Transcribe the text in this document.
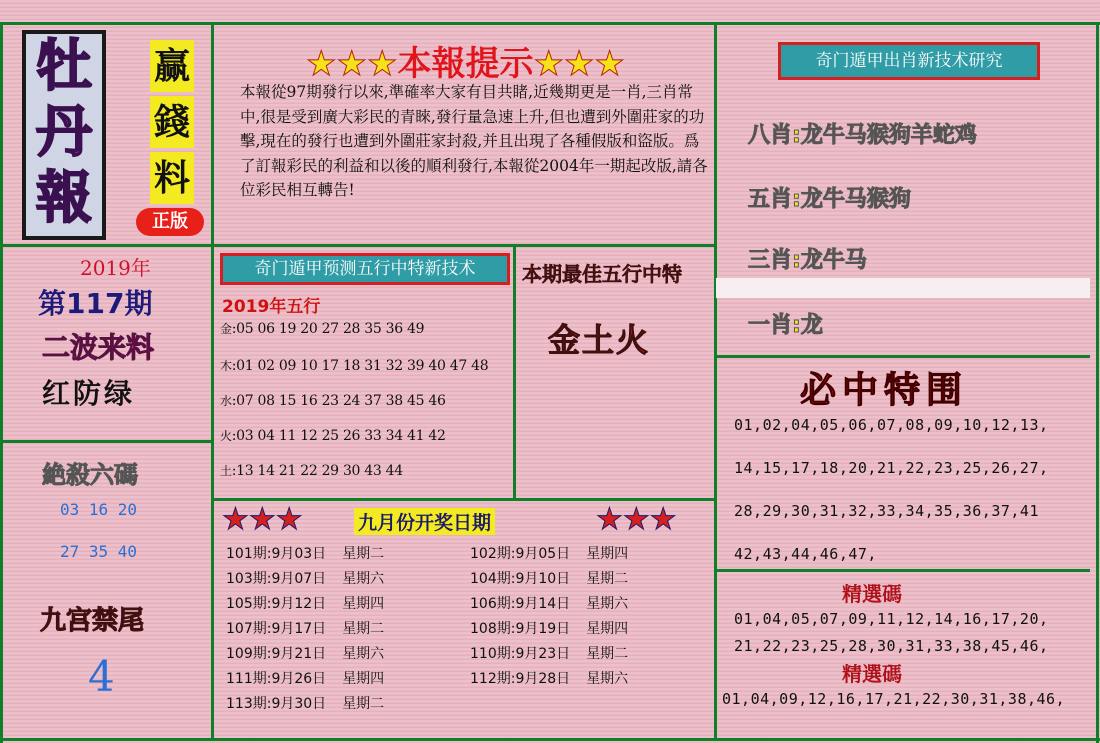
牡
丹
報
赢
錢
料
正版
★★★本報提示★★★
本報從97期發行以來,準確率大家有目共睹,近幾期更是一肖,三肖常中,很是受到廣大彩民的青睞,發行量急速上升,但也遭到外圍莊家的功擊,現在的發行也遭到外圍莊家封殺,并且出現了各種假版和盜版。爲了訂報彩民的利益和以後的順利發行,本報從2004年一期起改版,請各位彩民相互轉告!
2019年
第117期
二波来料
红防绿
絶殺六碼
03 16 20
27 35 40
九宫禁尾
4
奇门遁甲预测五行中特新技术
2019年五行
金:05 06 19 20 27 28 35 36 49
木:01 02 09 10 17 18 31 32 39 40 47 48
水:07 08 15 16 23 24 37 38 45 46
火:03 04 11 12 25 26 33 34 41 42
土:13 14 21 22 29 30 43 44
本期最佳五行中特
金土火
奇门遁甲出肖新技术研究
八肖:龙牛马猴狗羊蛇鸡
五肖:龙牛马猴狗
三肖:龙牛马
一肖:龙
必中特围
01,02,04,05,06,07,08,09,10,12,13,
14,15,17,18,20,21,22,23,25,26,27,
28,29,30,31,32,33,34,35,36,37,41
42,43,44,46,47,
精選碼
01,04,05,07,09,11,12,14,16,17,20,
21,22,23,25,28,30,31,33,38,45,46,
精選碼
01,04,09,12,16,17,21,22,30,31,38,46,
★★★	九月份开奖日期	★★★
101期:9月03日 星期二
103期:9月07日 星期六
105期:9月12日 星期四
107期:9月17日 星期二
109期:9月21日 星期六
111期:9月26日 星期四
113期:9月30日 星期二
102期:9月05日 星期四
104期:9月10日 星期二
106期:9月14日 星期六
108期:9月19日 星期四
110期:9月23日 星期二
112期:9月28日 星期六
